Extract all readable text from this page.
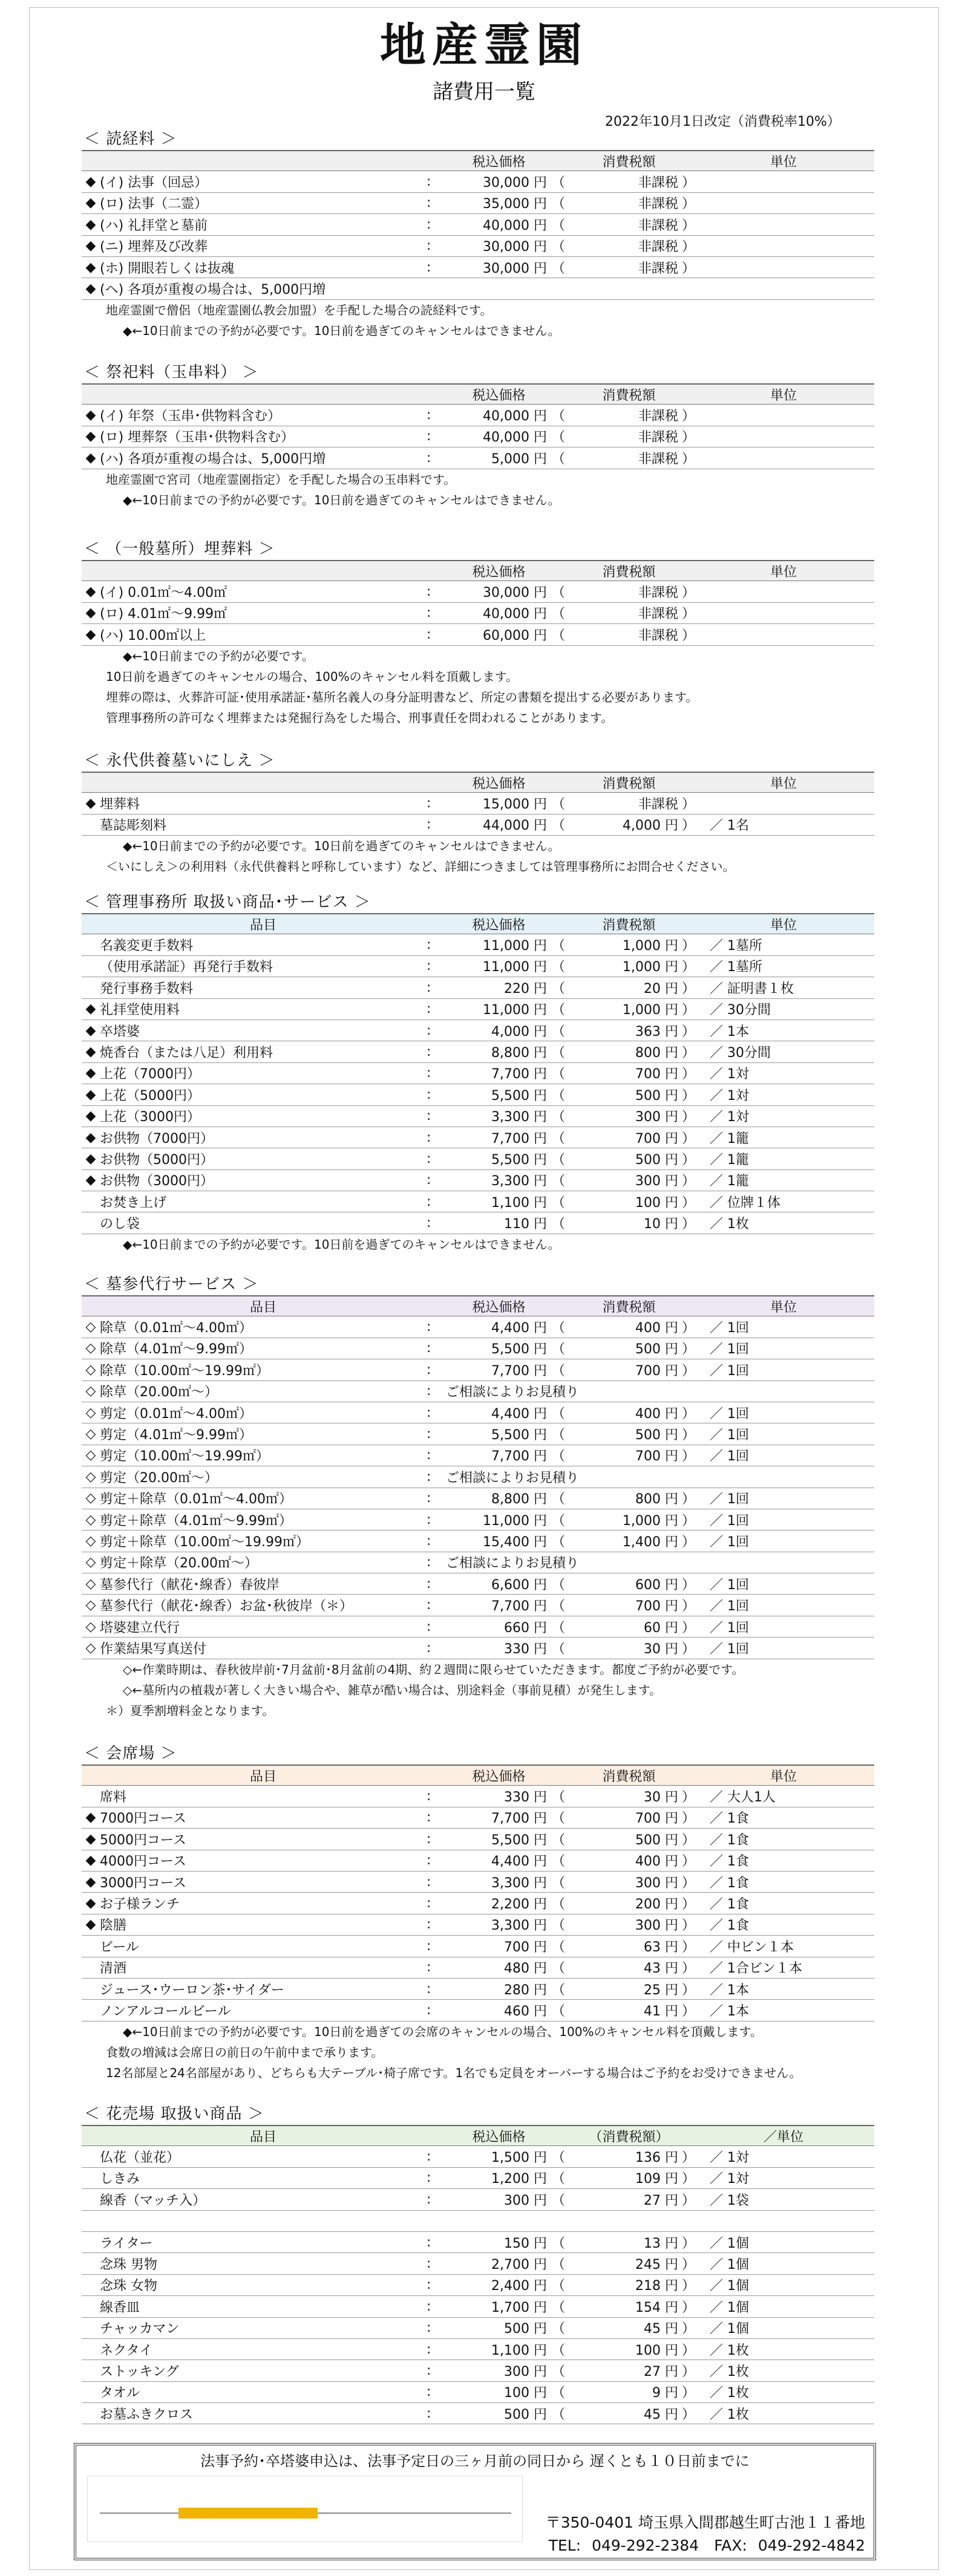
地産霊園
諸費用一覧
2022年10月1日改定（消費税率10%）
＜ 読経料 ＞
税込価格	消費税額	単位
◆ (イ) 法事（回忌）	:	30,000 円 （	非課税 ）
◆ (ロ) 法事（二霊）	:	35,000 円 （	非課税 ）
◆ (ハ) 礼拝堂と墓前	:	40,000 円 （	非課税 ）
◆ (ニ) 埋葬及び改葬	:	30,000 円 （	非課税 ）
◆ (ホ) 開眼若しくは抜魂	:	30,000 円 （	非課税 ）
◆ (ヘ) 各項が重複の場合は、5,000円増
地産霊園で僧侶（地産霊園仏教会加盟）を手配した場合の読経料です。
◆←10日前までの予約が必要です。10日前を過ぎてのキャンセルはできません。
＜ 祭祀料（玉串料） ＞
税込価格	消費税額	単位
◆ (イ) 年祭（玉串･供物料含む）	:	40,000 円 （	非課税 ）
◆ (ロ) 埋葬祭（玉串･供物料含む）	:	40,000 円 （	非課税 ）
◆ (ハ) 各項が重複の場合は、5,000円増	:	5,000 円 （	非課税 ）
地産霊園で宮司（地産霊園指定）を手配した場合の玉串料です。
◆←10日前までの予約が必要です。10日前を過ぎてのキャンセルはできません。
＜ （一般墓所）埋葬料 ＞
税込価格	消費税額	単位
◆ (イ) 0.01㎡～4.00㎡	:	30,000 円 （	非課税 ）
◆ (ロ) 4.01㎡～9.99㎡	:	40,000 円 （	非課税 ）
◆ (ハ) 10.00㎡以上	:	60,000 円 （	非課税 ）
◆←10日前までの予約が必要です。
10日前を過ぎてのキャンセルの場合、100%のキャンセル料を頂戴します。
埋葬の際は、火葬許可証･使用承諾証･墓所名義人の身分証明書など、所定の書類を提出する必要があります。
管理事務所の許可なく埋葬または発掘行為をした場合、刑事責任を問われることがあります。
＜ 永代供養墓いにしえ ＞
税込価格	消費税額	単位
◆ 埋葬料	:	15,000 円 （	非課税 ）
墓誌彫刻料	:	44,000 円 （	4,000 円 ）	／ 1名
◆←10日前までの予約が必要です。10日前を過ぎてのキャンセルはできません。
＜いにしえ＞の利用料（永代供養料と呼称しています）など、詳細につきましては管理事務所にお問合せください。
＜ 管理事務所 取扱い商品･サービス ＞
品目	税込価格	消費税額	単位
名義変更手数料	:	11,000 円 （	1,000 円 ）	／ 1墓所
（使用承諾証）再発行手数料	:	11,000 円 （	1,000 円 ）	／ 1墓所
発行事務手数料	:	220 円 （	20 円 ）	／ 証明書１枚
◆ 礼拝堂使用料	:	11,000 円 （	1,000 円 ）	／ 30分間
◆ 卒塔婆	:	4,000 円 （	363 円 ）	／ 1本
◆ 焼香台（または八足）利用料	:	8,800 円 （	800 円 ）	／ 30分間
◆ 上花（7000円）	:	7,700 円 （	700 円 ）	／ 1対
◆ 上花（5000円）	:	5,500 円 （	500 円 ）	／ 1対
◆ 上花（3000円）	:	3,300 円 （	300 円 ）	／ 1対
◆ お供物（7000円）	:	7,700 円 （	700 円 ）	／ 1籠
◆ お供物（5000円）	:	5,500 円 （	500 円 ）	／ 1籠
◆ お供物（3000円）	:	3,300 円 （	300 円 ）	／ 1籠
お焚き上げ	:	1,100 円 （	100 円 ）	／ 位牌１体
のし袋	:	110 円 （	10 円 ）	／ 1枚
◆←10日前までの予約が必要です。10日前を過ぎてのキャンセルはできません。
＜ 墓参代行サービス ＞
品目	税込価格	消費税額	単位
◇ 除草（0.01㎡～4.00㎡）	:	4,400 円 （	400 円 ）	／ 1回
◇ 除草（4.01㎡～9.99㎡）	:	5,500 円 （	500 円 ）	／ 1回
◇ 除草（10.00㎡～19.99㎡）	:	7,700 円 （	700 円 ）	／ 1回
◇ 除草（20.00㎡～）	:	ご相談によりお見積り
◇ 剪定（0.01㎡～4.00㎡）	:	4,400 円 （	400 円 ）	／ 1回
◇ 剪定（4.01㎡～9.99㎡）	:	5,500 円 （	500 円 ）	／ 1回
◇ 剪定（10.00㎡～19.99㎡）	:	7,700 円 （	700 円 ）	／ 1回
◇ 剪定（20.00㎡～）	:	ご相談によりお見積り
◇ 剪定＋除草（0.01㎡～4.00㎡）	:	8,800 円 （	800 円 ）	／ 1回
◇ 剪定＋除草（4.01㎡～9.99㎡）	:	11,000 円 （	1,000 円 ）	／ 1回
◇ 剪定＋除草（10.00㎡～19.99㎡）	:	15,400 円 （	1,400 円 ）	／ 1回
◇ 剪定＋除草（20.00㎡～）	:	ご相談によりお見積り
◇ 墓参代行（献花･線香）春彼岸	:	6,600 円 （	600 円 ）	／ 1回
◇ 墓参代行（献花･線香）お盆･秋彼岸（＊）	:	7,700 円 （	700 円 ）	／ 1回
◇ 塔婆建立代行	:	660 円 （	60 円 ）	／ 1回
◇ 作業結果写真送付	:	330 円 （	30 円 ）	／ 1回
◇←作業時期は、春秋彼岸前･7月盆前･8月盆前の4期、約２週間に限らせていただきます。都度ご予約が必要です。
◇←墓所内の植栽が著しく大きい場合や、雑草が酷い場合は、別途料金（事前見積）が発生します。
＊）夏季割増料金となります。
＜ 会席場 ＞
品目	税込価格	消費税額	単位
席料	:	330 円 （	30 円 ）	／ 大人1人
◆ 7000円コース	:	7,700 円 （	700 円 ）	／ 1食
◆ 5000円コース	:	5,500 円 （	500 円 ）	／ 1食
◆ 4000円コース	:	4,400 円 （	400 円 ）	／ 1食
◆ 3000円コース	:	3,300 円 （	300 円 ）	／ 1食
◆ お子様ランチ	:	2,200 円 （	200 円 ）	／ 1食
◆ 陰膳	:	3,300 円 （	300 円 ）	／ 1食
ビール	:	700 円 （	63 円 ）	／ 中ビン１本
清酒	:	480 円 （	43 円 ）	／ 1合ビン１本
ジュース･ウーロン茶･サイダー	:	280 円 （	25 円 ）	／ 1本
ノンアルコールビール	:	460 円 （	41 円 ）	／ 1本
◆←10日前までの予約が必要です。10日前を過ぎての会席のキャンセルの場合、100%のキャンセル料を頂戴します。
食数の増減は会席日の前日の午前中まで承ります。
12名部屋と24名部屋があり、どちらも大テーブル･椅子席です。1名でも定員をオーバーする場合はご予約をお受けできません。
＜ 花売場 取扱い商品 ＞
品目	税込価格	（消費税額）	／単位
仏花（並花）	:	1,500 円 （	136 円 ）	／ 1対
しきみ	:	1,200 円 （	109 円 ）	／ 1対
線香（マッチ入）	:	300 円 （	27 円 ）	／ 1袋
ライター	:	150 円 （	13 円 ）	／ 1個
念珠 男物	:	2,700 円 （	245 円 ）	／ 1個
念珠 女物	:	2,400 円 （	218 円 ）	／ 1個
線香皿	:	1,700 円 （	154 円 ）	／ 1個
チャッカマン	:	500 円 （	45 円 ）	／ 1個
ネクタイ	:	1,100 円 （	100 円 ）	／ 1枚
ストッキング	:	300 円 （	27 円 ）	／ 1枚
タオル	:	100 円 （	9 円 ）	／ 1枚
お墓ふきクロス	:	500 円 （	45 円 ）	／ 1枚
法事予約･卒塔婆申込は、法事予定日の三ヶ月前の同日から 遅くとも１０日前までに
〒350-0401 埼玉県入間郡越生町古池１１番地
TEL: 049-292-2384　 FAX: 049-292-4842
